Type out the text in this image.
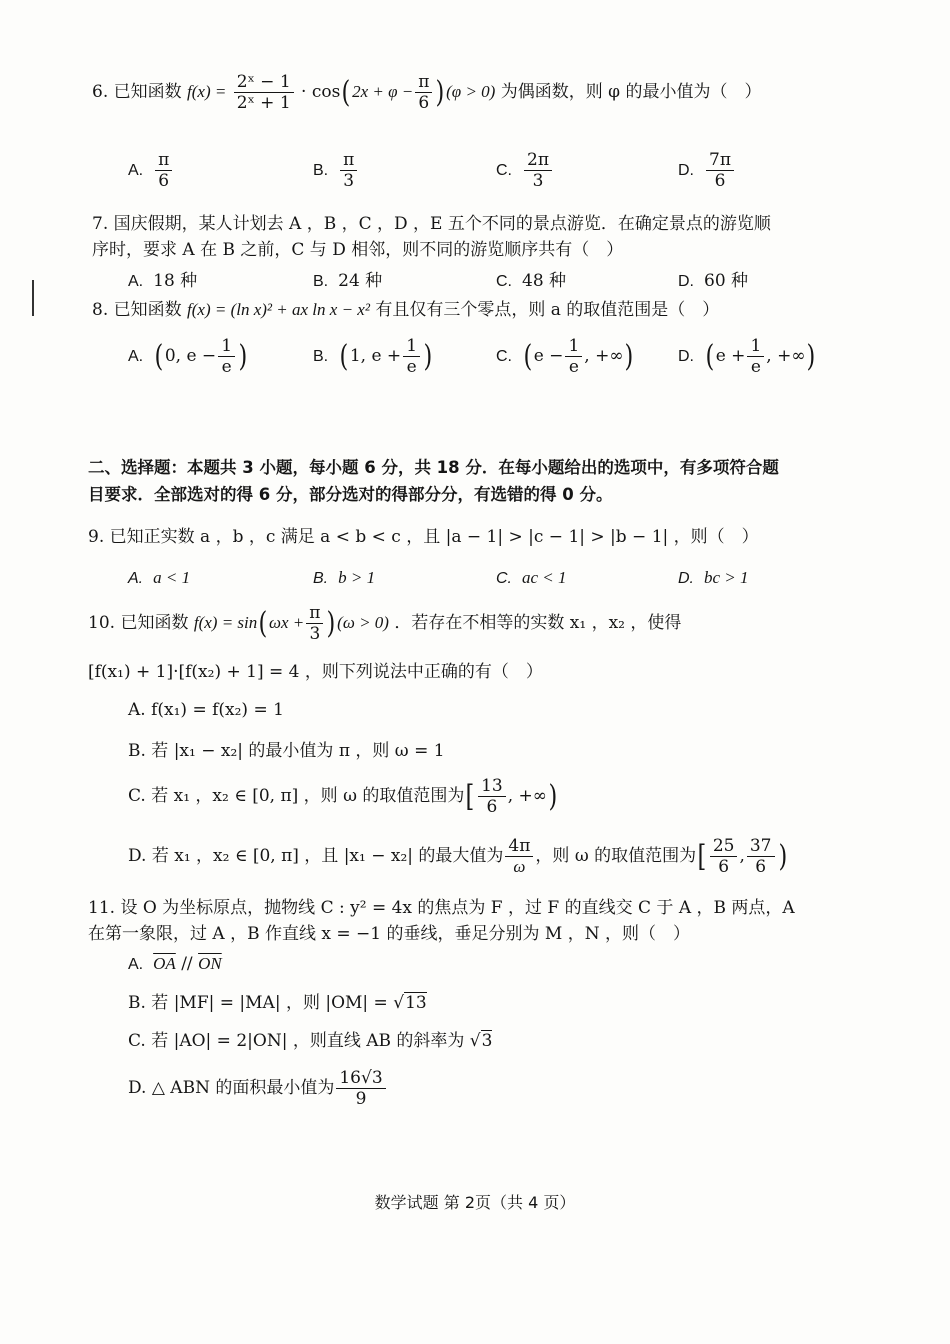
6. 已知函数 $f(x) = \frac{\text{2ˣ − 1}}{\text{2ˣ + 1}} \cdot \cos(2x + \varphi - \frac{\pi}{6} )(\varphi > 0)$ 为偶函数，则 φ 的最小值为（　）
A. $\frac{\pi}{6}$	B. $\frac{\pi}{3}$	C. $\frac{2\pi}{3}$	D. $\frac{7\pi}{6}$
7. 国庆假期，某人计划去 A ，B ，C ，D ，E 五个不同的景点游览．在确定景点的游览顺
序时，要求 A 在 B 之前，C 与 D 相邻，则不同的游览顺序共有（　）
A. 18 种	B. 24 种	C. 48 种	D. 60 种
8. 已知函数 f(x) = (ln x)² + ax ln x − x² 有且仅有三个零点，则 a 的取值范围是（　）
A. (0, $e - \frac{1}{e}$ )	B. (1, $e + \frac{1}{e}$ )	C. ($e - \frac{1}{e}$ , +∞)	D. ($e + \frac{1}{e}$ , +∞)
二、选择题：本题共 3 小题，每小题 6 分，共 18 分．在每小题给出的选项中，有多项符合题
目要求．全部选对的得 6 分，部分选对的得部分分，有选错的得 0 分。
9. 已知正实数 a ，b ，c 满足 a < b < c ，且 |a − 1| > |c − 1| > |b − 1| ，则（　）
A. a < 1	B. b > 1	C. ac < 1	D. bc > 1
10. 已知函数 $f(x) = \sin(\omega x + \frac{\pi}{3} )(\omega > 0)$ ．若存在不相等的实数 x₁ ，x₂ ，使得
[f(x₁) + 1]·[f(x₂) + 1] = 4 ，则下列说法中正确的有（　）
A. f(x₁) = f(x₂) = 1
B. 若 |x₁ − x₂| 的最小值为 π ，则 ω = 1
C. 若 x₁ ，x₂ ∈ [0, π] ，则 ω 的取值范围为[ $\frac{13}{6}$ , +∞)
D. 若 x₁ ，x₂ ∈ [0, π] ，且 |x₁ − x₂| 的最大值为 $\frac{4\pi}{\omega}$ ，则 ω 的取值范围为[ $\frac{25}{6}$ , $\frac{37}{6}$ )
11. 设 O 为坐标原点，抛物线 C : y² = 4x 的焦点为 F ，过 F 的直线交 C 于 A ，B 两点，A
在第一象限，过 A ，B 作直线 x = −1 的垂线，垂足分别为 M ，N ，则（　）
A. $\overline{OA} // \overline{ON}$
B. 若 |MF| = |MA| ，则 |OM| = √13
C. 若 |AO| = 2|ON| ，则直线 AB 的斜率为 √3
D. △ ABN 的面积最小值为 $\frac{16√3}{9}$
数学试题 第 2页（共 4 页）
